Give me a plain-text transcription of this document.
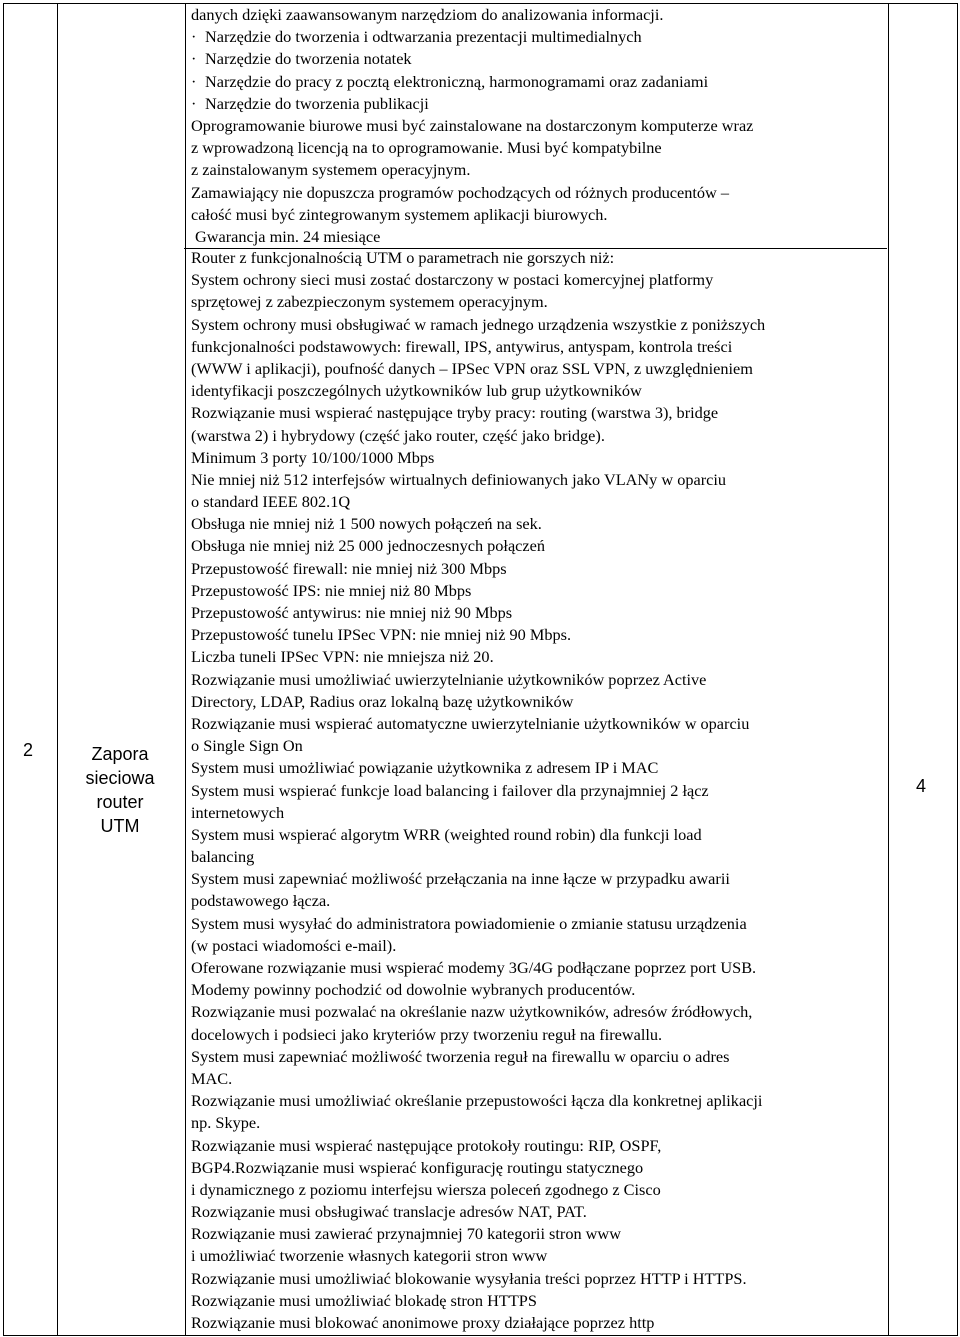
2	Zapora
sieciowa
router
UTM
4
danych dzięki zaawansowanym narzędziom do analizowania informacji.
· Narzędzie do tworzenia i odtwarzania prezentacji multimedialnych
· Narzędzie do tworzenia notatek
· Narzędzie do pracy z pocztą elektroniczną, harmonogramami oraz zadaniami
· Narzędzie do tworzenia publikacji
Oprogramowanie biurowe musi być zainstalowane na dostarczonym komputerze wraz
z wprowadzoną licencją na to oprogramowanie. Musi być kompatybilne
z zainstalowanym systemem operacyjnym.
Zamawiający nie dopuszcza programów pochodzących od różnych producentów –
całość musi być zintegrowanym systemem aplikacji biurowych.
Gwarancja min. 24 miesiące
Router z funkcjonalnością UTM o parametrach nie gorszych niż:
System ochrony sieci musi zostać dostarczony w postaci komercyjnej platformy
sprzętowej z zabezpieczonym systemem operacyjnym.
System ochrony musi obsługiwać w ramach jednego urządzenia wszystkie z poniższych
funkcjonalności podstawowych: firewall, IPS, antywirus, antyspam, kontrola treści
(WWW i aplikacji), poufność danych – IPSec VPN oraz SSL VPN, z uwzględnieniem
identyfikacji poszczególnych użytkowników lub grup użytkowników
Rozwiązanie musi wspierać następujące tryby pracy: routing (warstwa 3), bridge
(warstwa 2) i hybrydowy (część jako router, część jako bridge).
Minimum 3 porty 10/100/1000 Mbps
Nie mniej niż 512 interfejsów wirtualnych definiowanych jako VLANy w oparciu
o standard IEEE 802.1Q
Obsługa nie mniej niż 1 500 nowych połączeń na sek.
Obsługa nie mniej niż 25 000 jednoczesnych połączeń
Przepustowość firewall: nie mniej niż 300 Mbps
Przepustowość IPS: nie mniej niż 80 Mbps
Przepustowość antywirus: nie mniej niż 90 Mbps
Przepustowość tunelu IPSec VPN: nie mniej niż 90 Mbps.
Liczba tuneli IPSec VPN: nie mniejsza niż 20.
Rozwiązanie musi umożliwiać uwierzytelnianie użytkowników poprzez Active
Directory, LDAP, Radius oraz lokalną bazę użytkowników
Rozwiązanie musi wspierać automatyczne uwierzytelnianie użytkowników w oparciu
o Single Sign On
System musi umożliwiać powiązanie użytkownika z adresem IP i MAC
System musi wspierać funkcje load balancing i failover dla przynajmniej 2 łącz
internetowych
System musi wspierać algorytm WRR (weighted round robin) dla funkcji load
balancing
System musi zapewniać możliwość przełączania na inne łącze w przypadku awarii
podstawowego łącza.
System musi wysyłać do administratora powiadomienie o zmianie statusu urządzenia
(w postaci wiadomości e-mail).
Oferowane rozwiązanie musi wspierać modemy 3G/4G podłączane poprzez port USB.
Modemy powinny pochodzić od dowolnie wybranych producentów.
Rozwiązanie musi pozwalać na określanie nazw użytkowników, adresów źródłowych,
docelowych i podsieci jako kryteriów przy tworzeniu reguł na firewallu.
System musi zapewniać możliwość tworzenia reguł na firewallu w oparciu o adres
MAC.
Rozwiązanie musi umożliwiać określanie przepustowości łącza dla konkretnej aplikacji
np. Skype.
Rozwiązanie musi wspierać następujące protokoły routingu: RIP, OSPF,
BGP4.Rozwiązanie musi wspierać konfigurację routingu statycznego
i dynamicznego z poziomu interfejsu wiersza poleceń zgodnego z Cisco
Rozwiązanie musi obsługiwać translacje adresów NAT, PAT.
Rozwiązanie musi zawierać przynajmniej 70 kategorii stron www
i umożliwiać tworzenie własnych kategorii stron www
Rozwiązanie musi umożliwiać blokowanie wysyłania treści poprzez HTTP i HTTPS.
Rozwiązanie musi umożliwiać blokadę stron HTTPS
Rozwiązanie musi blokować anonimowe proxy działające poprzez http
